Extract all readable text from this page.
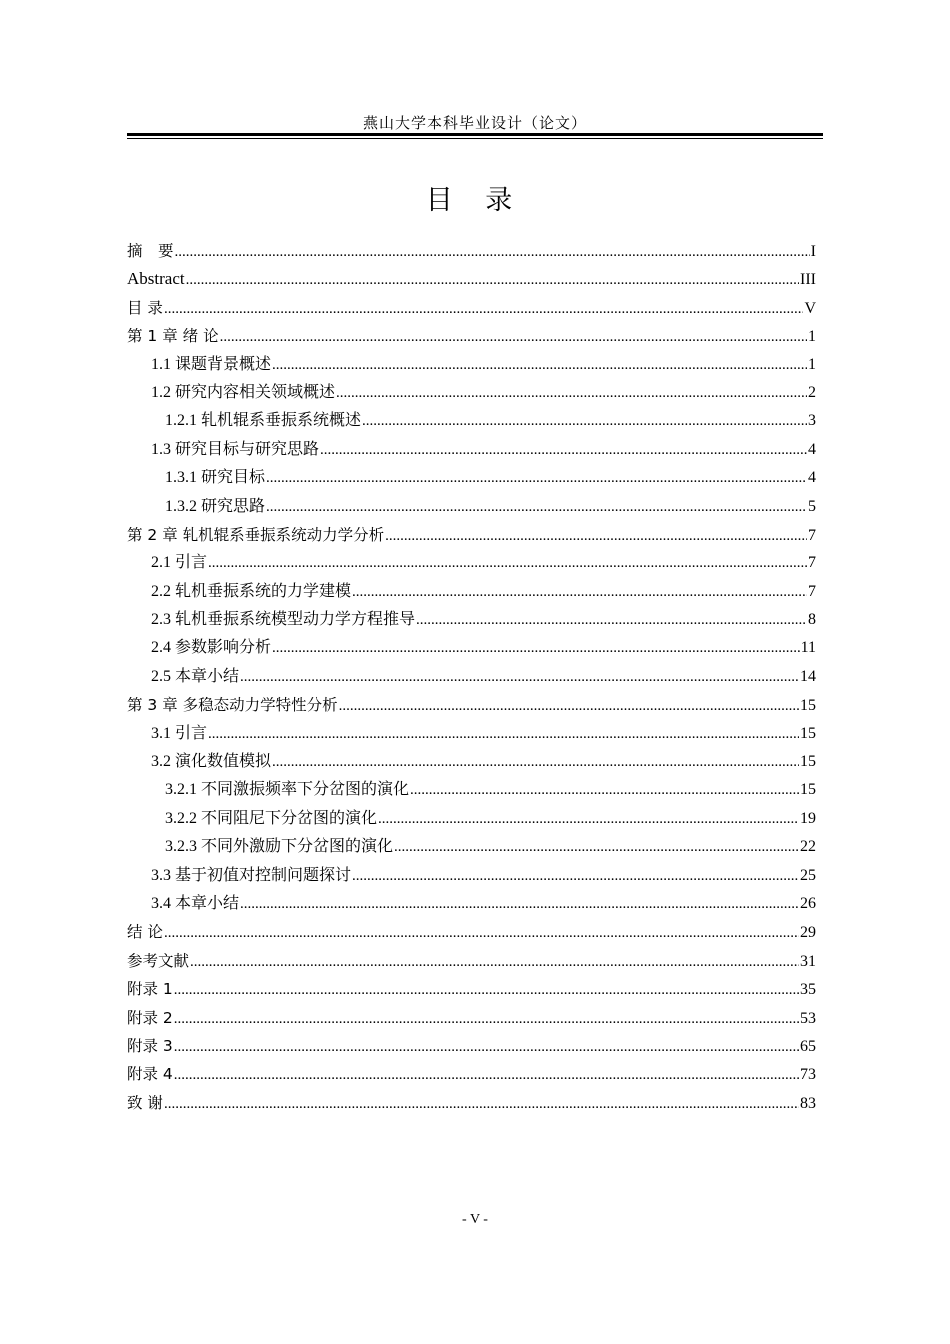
燕山大学本科毕业设计（论文）
目 录
摘　要 .....	I
Abstract .....	III
目 录 .....	V
第 1 章 绪 论 .....	1
1.1 课题背景概述 .....	1
1.2 研究内容相关领域概述 .....	2
1.2.1 轧机辊系垂振系统概述 .....	3
1.3 研究目标与研究思路 .....	4
1.3.1 研究目标 .....	4
1.3.2 研究思路 .....	5
第 2 章 轧机辊系垂振系统动力学分析 .....	7
2.1 引言 .....	7
2.2 轧机垂振系统的力学建模 .....	7
2.3 轧机垂振系统模型动力学方程推导 .....	8
2.4 参数影响分析 .....	11
2.5 本章小结 .....	14
第 3 章 多稳态动力学特性分析 .....	15
3.1 引言 .....	15
3.2 演化数值模拟 .....	15
3.2.1 不同激振频率下分岔图的演化 .....	15
3.2.2 不同阻尼下分岔图的演化 .....	19
3.2.3 不同外激励下分岔图的演化 .....	22
3.3 基于初值对控制问题探讨 .....	25
3.4 本章小结 .....	26
结 论 .....	29
参考文献 .....	31
附录 1 .....	35
附录 2 .....	53
附录 3 .....	65
附录 4 .....	73
致 谢 .....	83
- V -
